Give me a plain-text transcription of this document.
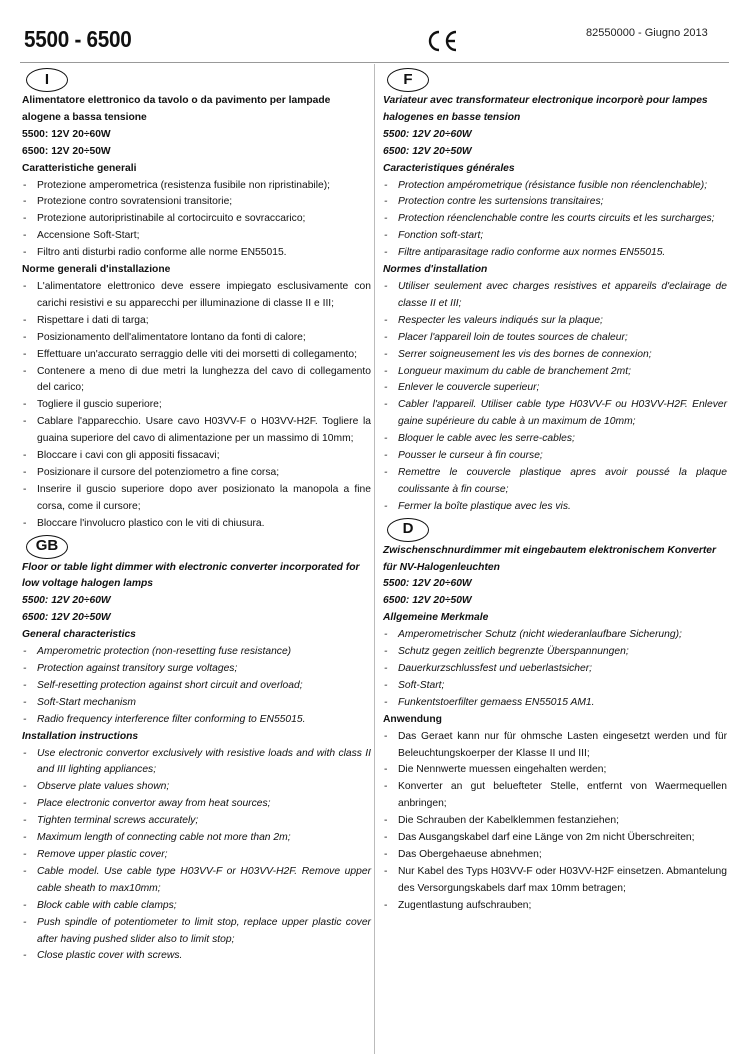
5500 - 6500	82550000 - Giugno 2013
I
Alimentatore elettronico da tavolo o da pavimento per lampade alogene a bassa tensione
5500: 12V 20÷60W
6500: 12V 20÷50W
Caratteristiche generali
- Protezione amperometrica (resistenza fusibile non ripristinabile);
- Protezione contro sovratensioni transitorie;
- Protezione autoripristinabile al cortocircuito e sovraccarico;
- Accensione Soft-Start;
- Filtro anti disturbi radio conforme alle norme EN55015.
Norme generali d'installazione
- L'alimentatore elettronico deve essere impiegato esclusivamente con carichi resistivi e su apparecchi per illuminazione di classe II e III;
- Rispettare i dati di targa;
- Posizionamento dell'alimentatore lontano da fonti di calore;
- Effettuare un'accurato serraggio delle viti dei morsetti di collegamento;
- Contenere a meno di due metri la lunghezza del cavo di collegamento del carico;
- Togliere il guscio superiore;
- Cablare l'apparecchio. Usare cavo H03VV-F o H03VV-H2F. Togliere la guaina superiore del cavo di alimentazione per un massimo di 10mm;
- Bloccare i cavi con gli appositi fissacavi;
- Posizionare il cursore del potenziometro a fine corsa;
- Inserire il guscio superiore dopo aver posizionato la manopola a fine corsa, come il cursore;
- Bloccare l'involucro plastico con le viti di chiusura.
GB
Floor or table light dimmer with electronic converter incorporated for low voltage halogen lamps
5500: 12V 20÷60W
6500: 12V 20÷50W
General characteristics
- Amperometric protection (non-resetting fuse resistance)
- Protection against transitory surge voltages;
- Self-resetting protection against short circuit and overload;
- Soft-Start mechanism
- Radio frequency interference filter conforming to EN55015.
Installation instructions
- Use electronic convertor exclusively with resistive loads and with class II and III lighting appliances;
- Observe plate values shown;
- Place electronic convertor away from heat sources;
- Tighten terminal screws accurately;
- Maximum length of connecting cable not more than 2m;
- Remove upper plastic cover;
- Cable model. Use cable type H03VV-F or H03VV-H2F. Remove upper cable sheath to max10mm;
- Block cable with cable clamps;
- Push spindle of potentiometer to limit stop, replace upper plastic cover after having pushed slider also to limit stop;
- Close plastic cover with screws.
F
Variateur avec transformateur electronique incorporè pour lampes halogenes en basse tension
5500: 12V 20÷60W
6500: 12V 20÷50W
Caracteristiques générales
- Protection ampérometrique (résistance fusible non réenclenchable);
- Protection contre les surtensions transitaires;
- Protection réenclenchable contre les courts circuits et les surcharges;
- Fonction soft-start;
- Filtre antiparasitage radio conforme aux normes EN55015.
Normes d'installation
- Utiliser seulement avec charges resistives et appareils d'eclairage de classe II et III;
- Respecter les valeurs indiqués sur la plaque;
- Placer l'appareil loin de toutes sources de chaleur;
- Serrer soigneusement les vis des bornes de connexion;
- Longueur maximum du cable de branchement 2mt;
- Enlever le couvercle superieur;
- Cabler l'appareil. Utiliser cable type H03VV-F ou H03VV-H2F. Enlever gaine supérieure du cable à un maximum de 10mm;
- Bloquer le cable avec les serre-cables;
- Pousser le curseur à fin course;
- Remettre le couvercle plastique apres avoir poussé la plaque coulissante à fin course;
- Fermer la boîte plastique avec les vis.
D
Zwischenschnurdimmer mit eingebautem elektronischem Konverter für NV-Halogenleuchten
5500: 12V 20÷60W
6500: 12V 20÷50W
Allgemeine Merkmale
- Amperometrischer Schutz (nicht wiederanlaufbare Sicherung);
- Schutz gegen zeitlich begrenzte Überspannungen;
- Dauerkurzschlussfest und ueberlastsicher;
- Soft-Start;
- Funkentstoerfilter gemaess EN55015 AM1.
Anwendung
- Das Geraet kann nur für ohmsche Lasten eingesetzt werden und für Beleuchtungskoerper der Klasse II und III;
- Die Nennwerte muessen eingehalten werden;
- Konverter an gut beluefteter Stelle, entfernt von Waermequellen anbringen;
- Die Schrauben der Kabelklemmen festanziehen;
- Das Ausgangskabel darf eine Länge von 2m nicht Überschreiten;
- Das Obergehaeuse abnehmen;
- Nur Kabel des Typs H03VV-F oder H03VV-H2F einsetzen. Abmantelung des Versorgungskabels darf max 10mm betragen;
- Zugentlastung aufschrauben;
